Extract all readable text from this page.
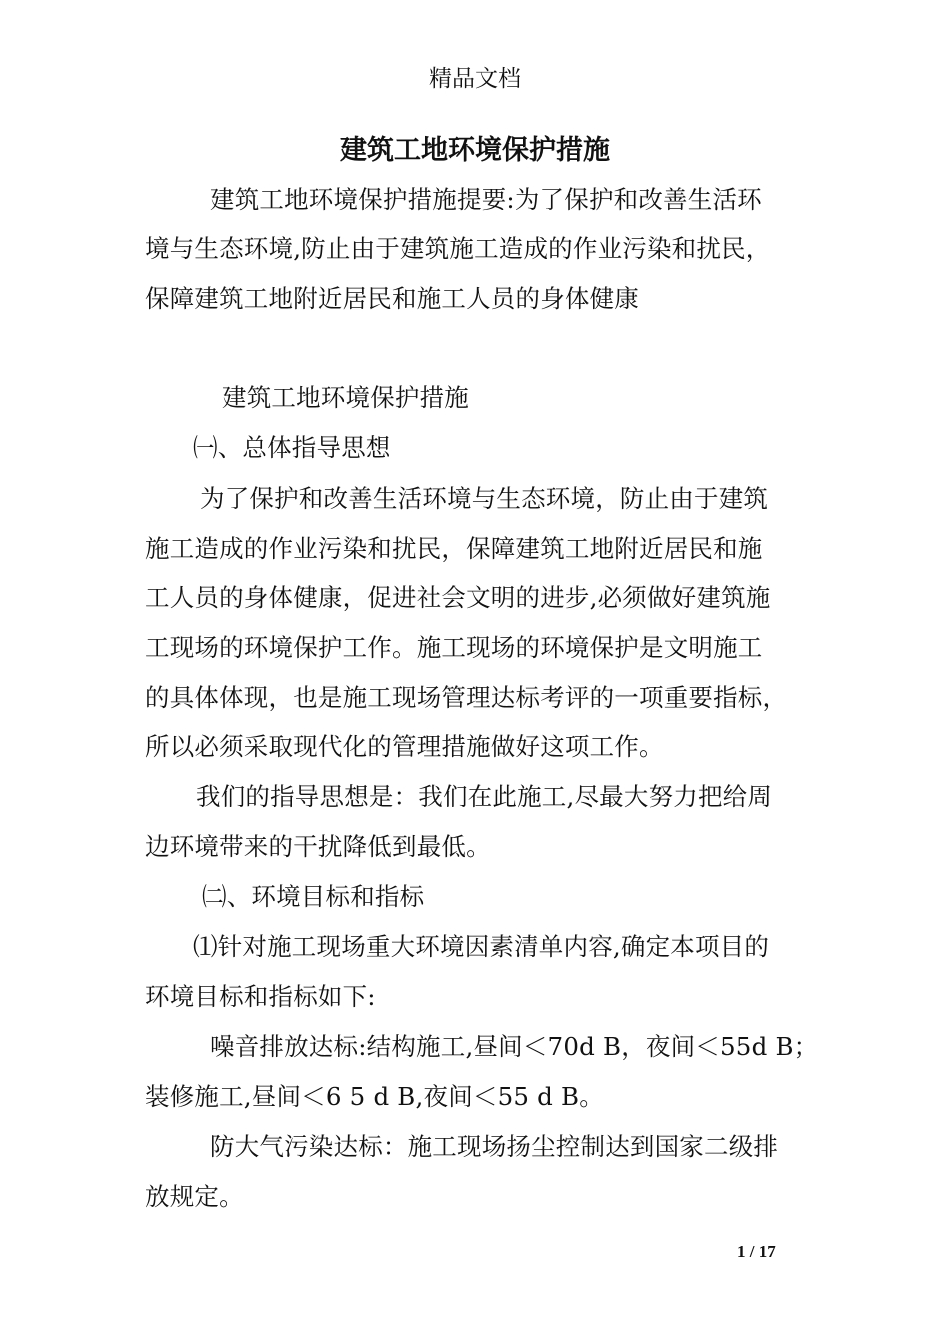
精品文档
建筑工地环境保护措施
建筑工地环境保护措施提要:为了保护和改善生活环
境与生态环境,防止由于建筑施工造成的作业污染和扰民，
保障建筑工地附近居民和施工人员的身体健康
建筑工地环境保护措施
㈠、总体指导思想
为了保护和改善生活环境与生态环境，防止由于建筑
施工造成的作业污染和扰民，保障建筑工地附近居民和施
工人员的身体健康，促进社会文明的进步,必须做好建筑施
工现场的环境保护工作。施工现场的环境保护是文明施工
的具体体现，也是施工现场管理达标考评的一项重要指标，
所以必须采取现代化的管理措施做好这项工作。
我们的指导思想是：我们在此施工,尽最大努力把给周
边环境带来的干扰降低到最低。
㈡、环境目标和指标
⑴针对施工现场重大环境因素清单内容,确定本项目的
环境目标和指标如下:
噪音排放达标:结构施工,昼间＜70d B，夜间＜55d B；
装修施工,昼间＜6 5 d B,夜间＜55 d B。
防大气污染达标：施工现场扬尘控制达到国家二级排
放规定。
1 / 17
